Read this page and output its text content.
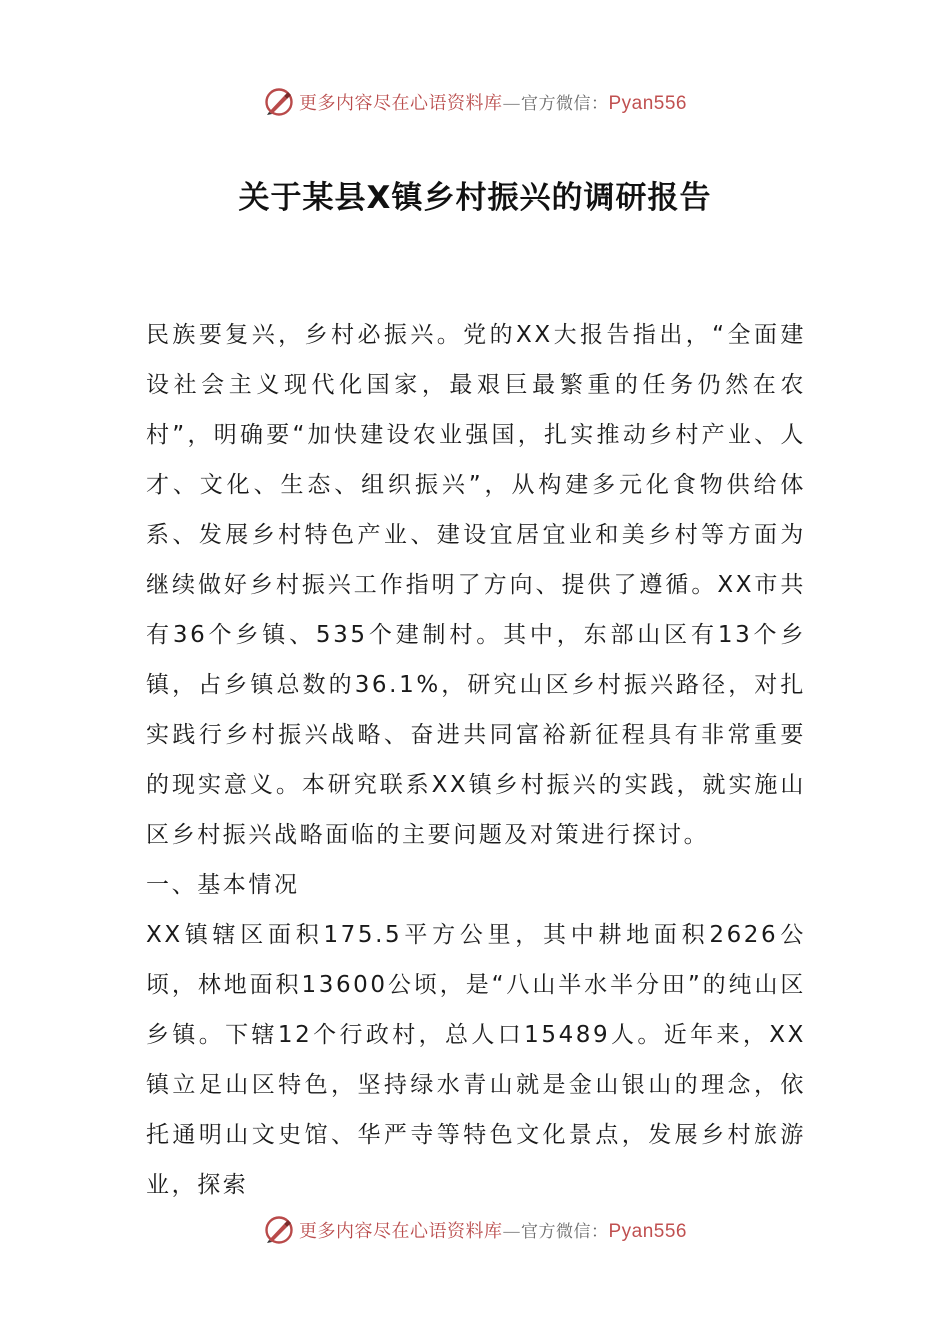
更多内容尽在心语资料库—官方微信：Pyan556
关于某县X镇乡村振兴的调研报告

民族要复兴，乡村必振兴。党的XX大报告指出，“全面建设社会主义现代化国家，最艰巨最繁重的任务仍然在农村”，明确要“加快建设农业强国，扎实推动乡村产业、人才、文化、生态、组织振兴”，从构建多元化食物供给体系、发展乡村特色产业、建设宜居宜业和美乡村等方面为继续做好乡村振兴工作指明了方向、提供了遵循。XX市共有36个乡镇、535个建制村。其中，东部山区有13个乡镇，占乡镇总数的36.1%，研究山区乡村振兴路径，对扎实践行乡村振兴战略、奋进共同富裕新征程具有非常重要的现实意义。本研究联系XX镇乡村振兴的实践，就实施山区乡村振兴战略面临的主要问题及对策进行探讨。

一、基本情况

XX镇辖区面积175.5平方公里，其中耕地面积2626公顷，林地面积13600公顷，是“八山半水半分田”的纯山区乡镇。下辖12个行政村，总人口15489人。近年来，XX镇立足山区特色，坚持绿水青山就是金山银山的理念，依托通明山文史馆、华严寺等特色文化景点，发展乡村旅游业，探索

更多内容尽在心语资料库—官方微信：Pyan556
